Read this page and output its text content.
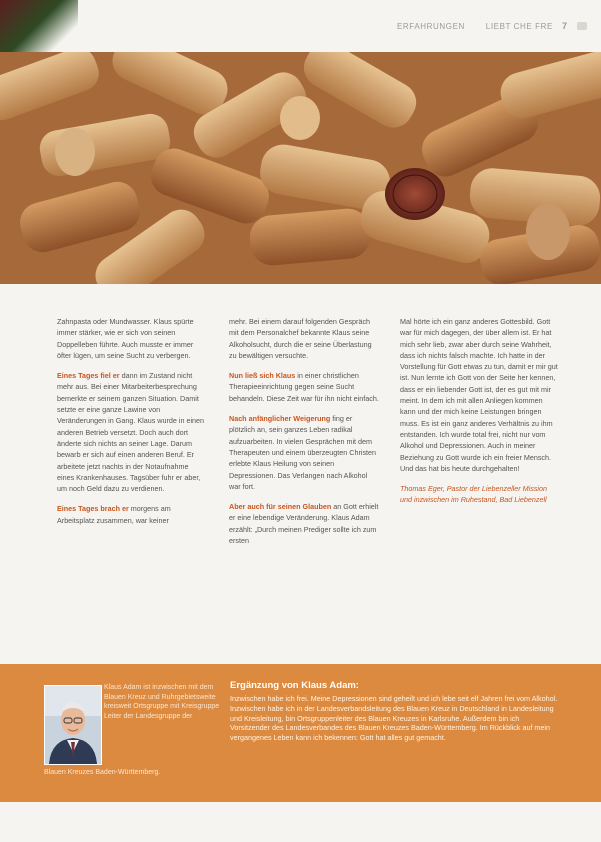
ERFAHRUNGEN	LIEBT CHE FRE 7

Zahnpasta oder Mundwasser. Klaus spürte immer stärker, wie er sich von seinen Doppelleben führte. Auch musste er immer öfter lügen, um seine Sucht zu verbergen.

Eines Tages fiel er dann im Zustand nicht mehr aus. Bei einer Mitarbeiterbesprechung bemerkte er seinem ganzen Situation. Damit setzte er eine ganze Lawine von Veränderungen in Gang. Klaus wurde in einen anderen Betrieb versetzt. Doch auch dort änderte sich nichts an seiner Lage. Darum bewarb er sich auf einen anderen Beruf. Er arbeitete jetzt nachts in der Notaufnahme eines Krankenhauses. Tagsüber fuhr er aber, um noch Geld dazu zu verdienen.

Eines Tages brach er morgens am Arbeitsplatz zusammen, war keiner

mehr. Bei einem darauf folgenden Gespräch mit dem Personalchef bekannte Klaus seine Alkoholsucht, durch die er seine Überlastung zu bewältigen versuchte.

Nun ließ sich Klaus in einer christlichen Therapieeinrichtung gegen seine Sucht behandeln. Diese Zeit war für ihn nicht einfach.

Nach anfänglicher Weigerung fing er plötzlich an, sein ganzes Leben radikal aufzuarbeiten. In vielen Gesprächen mit dem Therapeuten und einem überzeugten Christen erlebte Klaus Heilung von seinen Depressionen. Das Verlangen nach Alkohol war fort.

Aber auch für seinen Glauben an Gott erhielt er eine lebendige Veränderung. Klaus Adam erzählt: „Durch meinen Prediger sollte ich zum ersten

Mal hörte ich ein ganz anderes Gottesbild. Gott war für mich dagegen, der über allem ist. Er hat mich sehr lieb, zwar aber durch seine Wahrheit, dass ich nichts falsch machte. Ich hatte in der Vorstellung für Gott etwas zu tun, damit er mir gut ist. Nun lernte ich Gott von der Seite her kennen, dass er ein liebender Gott ist, der es gut mit mir meint. In dem ich mit allen Anliegen kommen kann und der mich keine Leistungen bringen muss. Es ist ein ganz anderes Verhältnis zu ihm entstanden. Ich wurde total frei, nicht nur vom Alkohol und Depressionen. Auch in meiner Beziehung zu Gott wurde ich ein freier Mensch. Und das hat bis heute durchgehalten!

Thomas Eger, Pastor der Liebenzeller Mission und inzwischen im Ruhestand, Bad Liebenzell

Klaus Adam ist inzwischen mit dem Blauen Kreuz und Ruhrgebietsweite kreisweit Ortsgruppe mit Kreisgruppe Leiter der Landesgruppe der
Blauen Kreuzes Baden-Württemberg.
Ergänzung von Klaus Adam:
Inzwischen habe ich frei. Meine Depressionen sind geheilt und ich lebe seit elf Jahren frei vom Alkohol. Inzwischen habe ich in der Landesverbandsleitung des Blauen Kreuz in Deutschland in Landesleitung und Kreisleitung, bin Ortsgruppenleiter des Blauen Kreuzes in Karlsruhe. Außerdem bin ich Vorsitzender des Landesverbandes des Blauen Kreuzes Baden-Württemberg. Im Rückblick auf mein vergangenes Leben kann ich bekennen: Gott hat alles gut gemacht.
